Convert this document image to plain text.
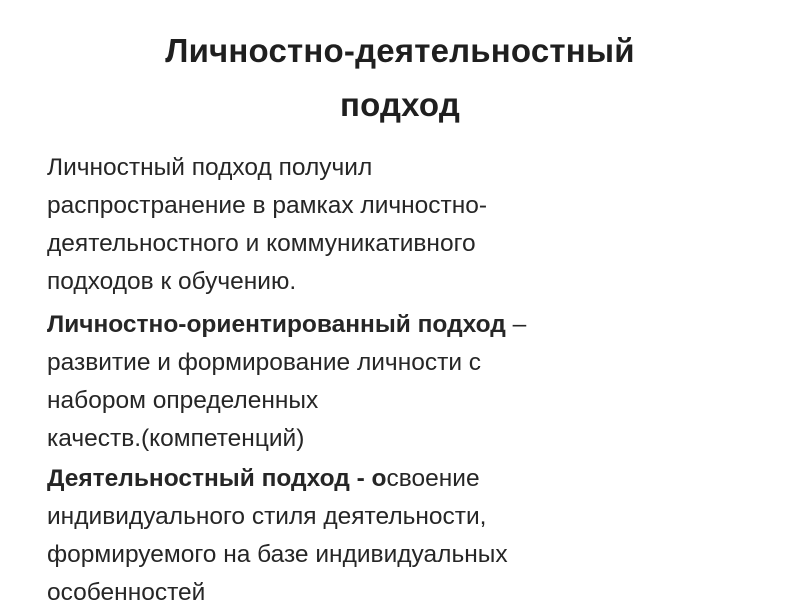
Личностно-деятельностный
подход
Личностный подход получил
распространение в рамках личностно-
деятельностного и коммуникативного
подходов к обучению.
Личностно-ориентированный подход –
развитие и формирование личности с
набором определенных
качеств.(компетенций)
Деятельностный подход - освоение
индивидуального стиля деятельности,
формируемого на базе индивидуальных
особенностей
